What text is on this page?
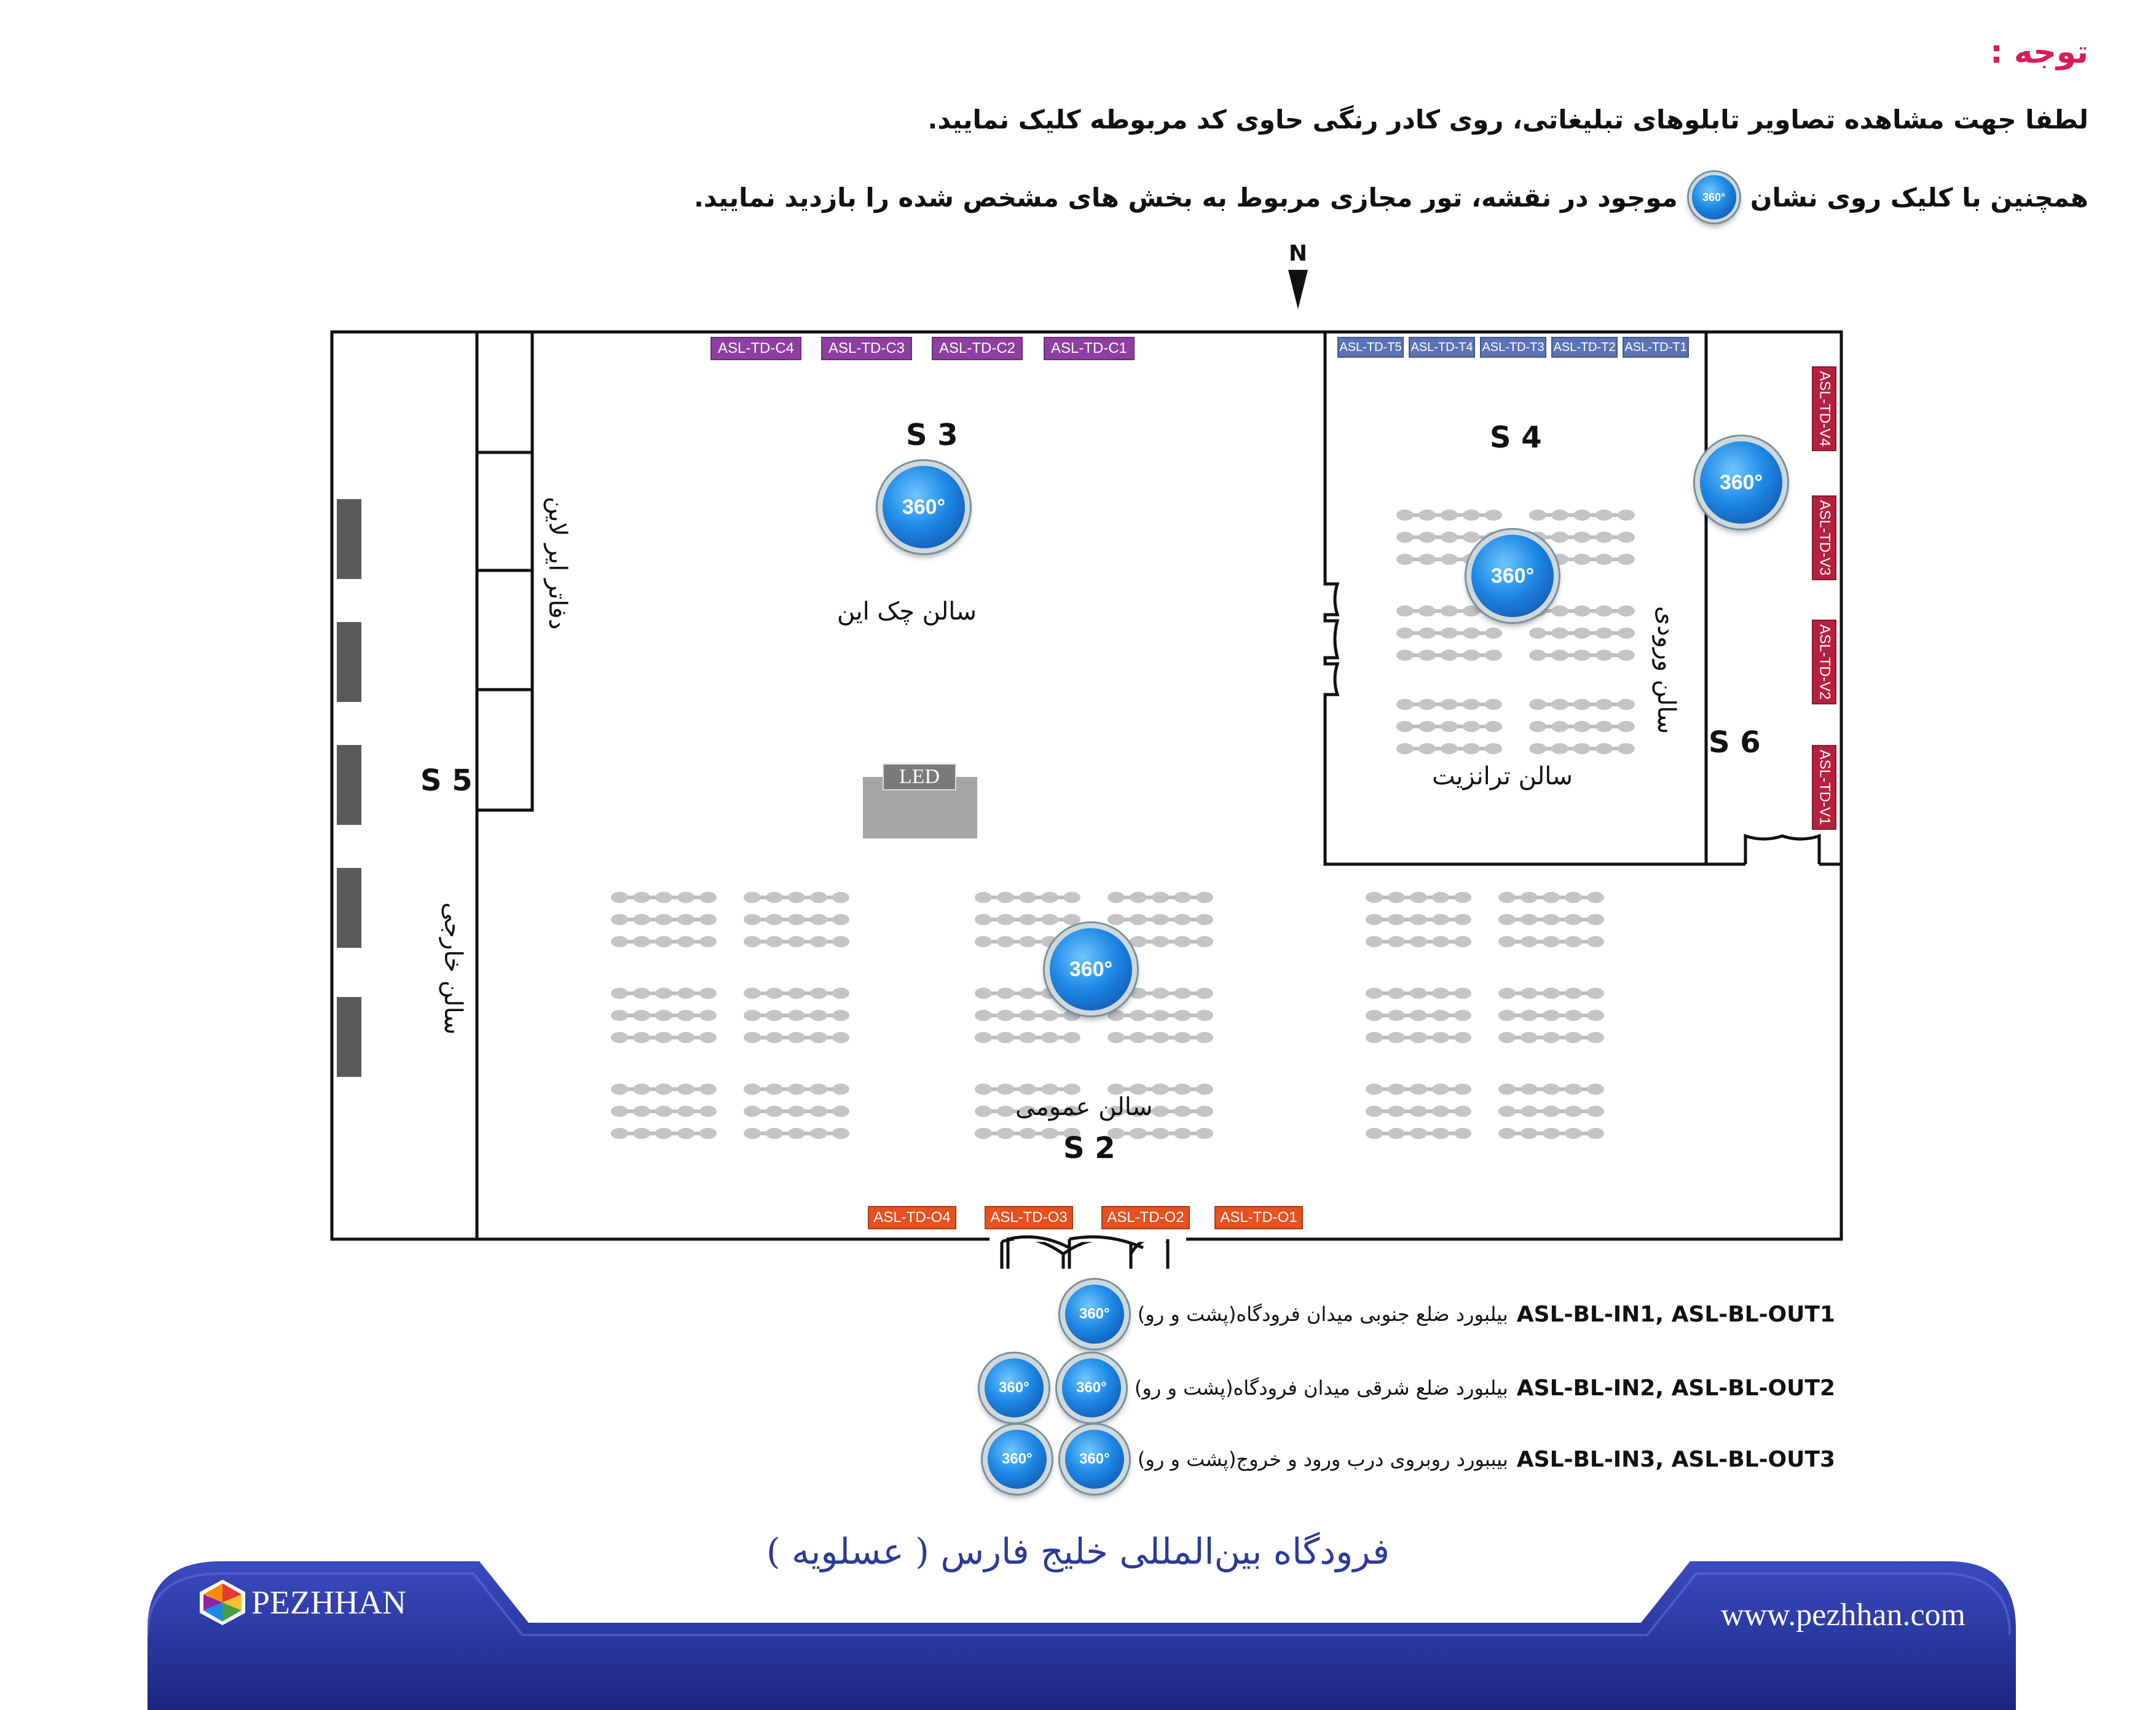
توجه :
لطفا جهت مشاهده تصاویر تابلوهای تبلیغاتی، روی کادر رنگی حاوی کد مربوطه کلیک نمایید.
همچنین با کلیک روی نشان
360°
موجود در نقشه، تور مجازی مربوط به بخش های مشخص شده را بازدید نمایید.
N
ASL-TD-C4	ASL-TD-C3	ASL-TD-C2	ASL-TD-C1	ASL-TD-T5 ASL-TD-T4 ASL-TD-T3 ASL-TD-T2 ASL-TD-T1
ASL-TD-O4	ASL-TD-O3	ASL-TD-O2	ASL-TD-O1
ASL-TD-V4
ASL-TD-V3
ASL-TD-V2
ASL-TD-V1
S 3	S 4
S 5
S 6
S 2
سالن چک این
سالن ترانزیت
سالن عمومی
سالن ورودی
سالن خارجی
دفاتر ایر لاین
LED
360°
360°
360°
360°
ASL-BL-IN1, ASL-BL-OUT1
بیلبورد ضلع جنوبی میدان فرودگاه(پشت و رو)
360°
ASL-BL-IN2, ASL-BL-OUT2
بیلبورد ضلع شرقی میدان فرودگاه(پشت و رو)
360°
360°
ASL-BL-IN3, ASL-BL-OUT3
بیببورد روبروی درب ورود و خروج(پشت و رو)
360°
360°
فرودگاه بین‌المللی خلیج فارس ( عسلویه )
PEZHHAN	www.pezhhan.com
